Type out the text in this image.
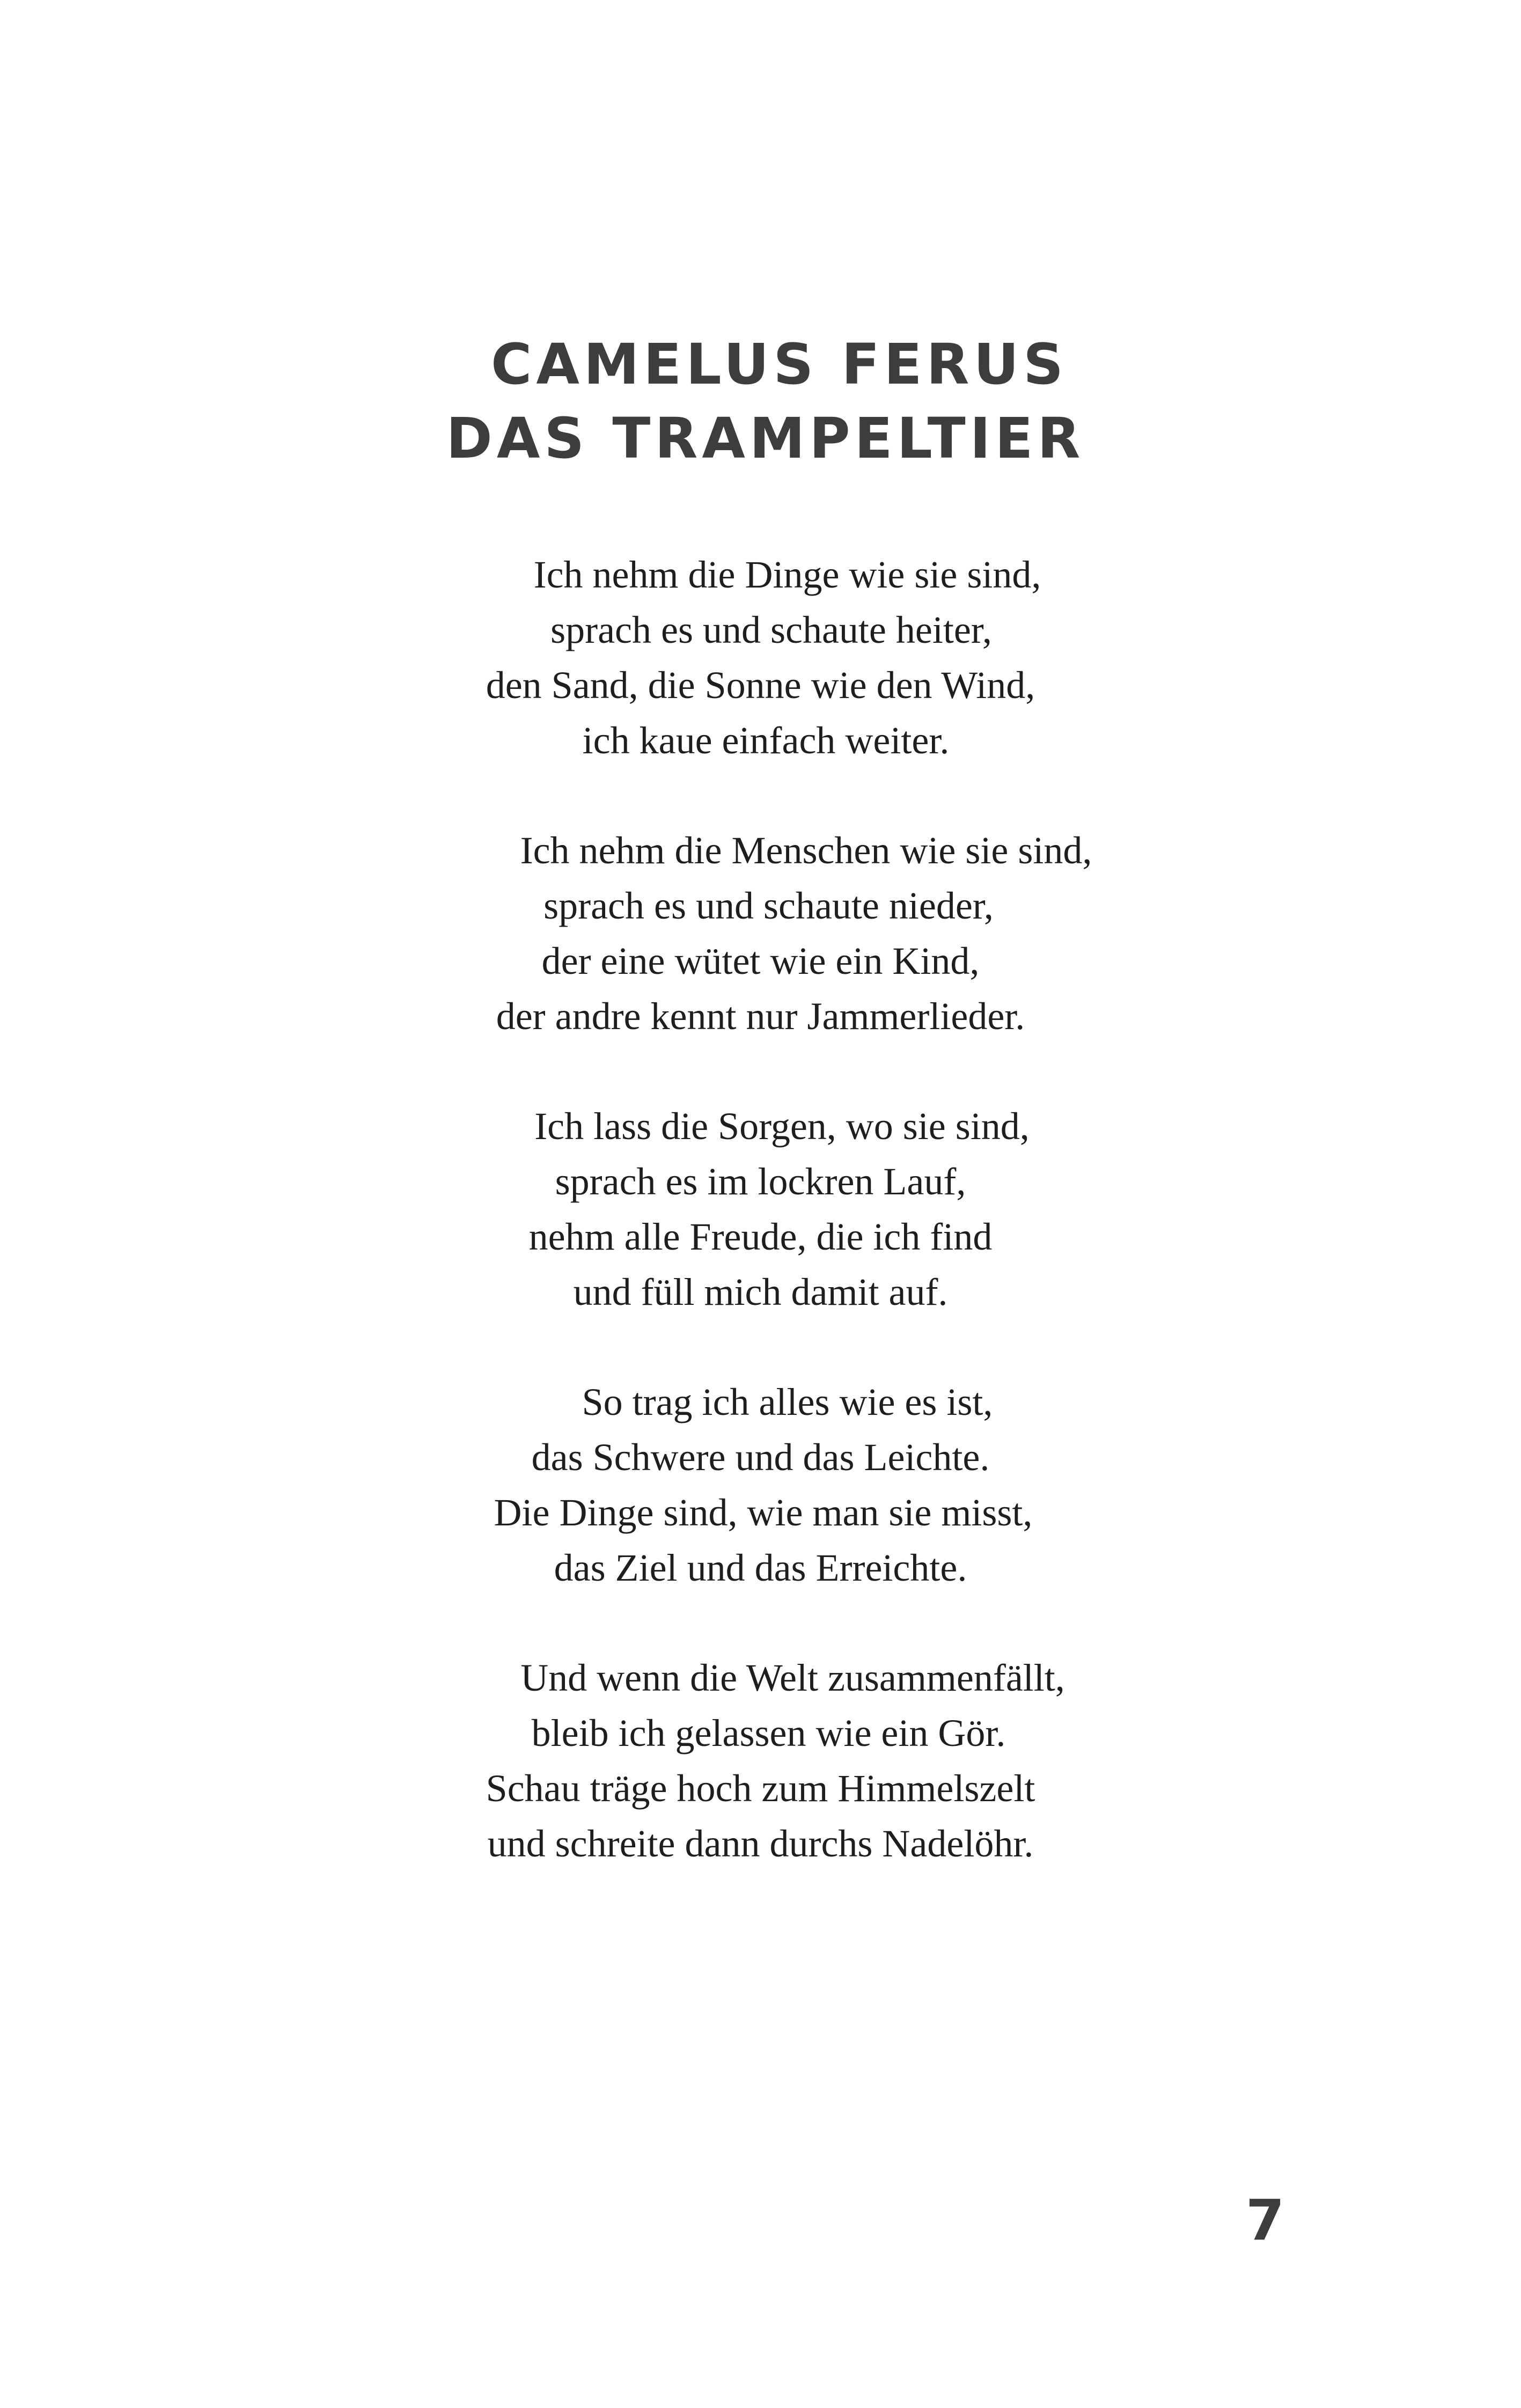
CAMELUS FERUS
DAS TRAMPELTIER
Ich nehm die Dinge wie sie sind,
sprach es und schaute heiter,
den Sand, die Sonne wie den Wind,
ich kaue einfach weiter.
Ich nehm die Menschen wie sie sind,
sprach es und schaute nieder,
der eine wütet wie ein Kind,
der andre kennt nur Jammerlieder.
Ich lass die Sorgen, wo sie sind,
sprach es im lockren Lauf,
nehm alle Freude, die ich find
und füll mich damit auf.
So trag ich alles wie es ist,
das Schwere und das Leichte.
Die Dinge sind, wie man sie misst,
das Ziel und das Erreichte.
Und wenn die Welt zusammenfällt,
bleib ich gelassen wie ein Gör.
Schau träge hoch zum Himmelszelt
und schreite dann durchs Nadelöhr.
7
